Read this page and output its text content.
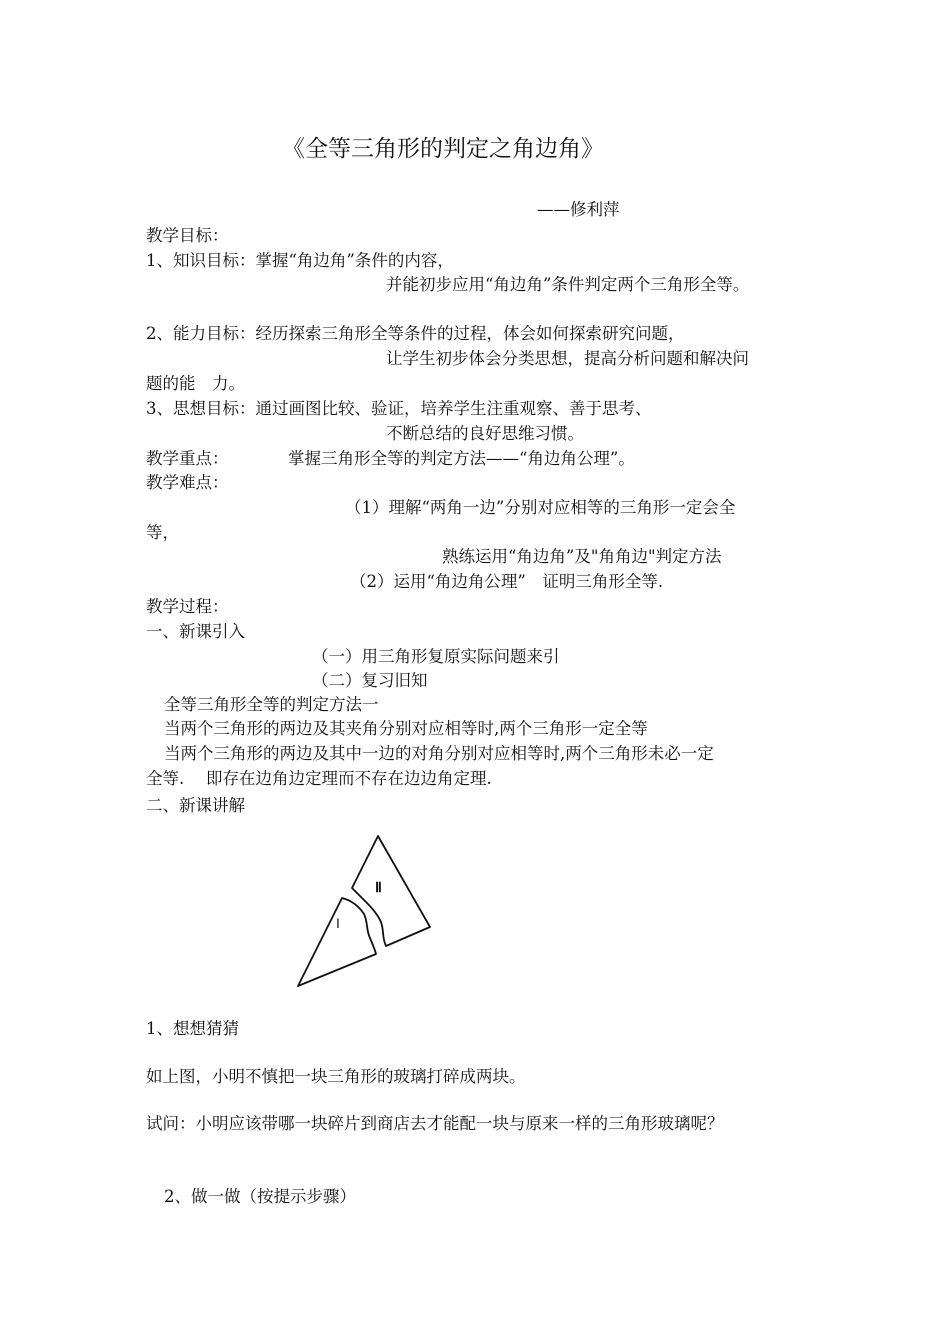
《全等三角形的判定之角边角》

——修利萍

教学目标：

1、知识目标：掌握“角边角”条件的内容，

并能初步应用“角边角”条件判定两个三角形全等。

2、能力目标：经历探索三角形全等条件的过程，体会如何探索研究问题，

让学生初步体会分类思想，提高分析问题和解决问

题的能　力。

3、思想目标：通过画图比较、验证，培养学生注重观察、善于思考、

不断总结的良好思维习惯。

教学重点：	掌握三角形全等的判定方法——“角边角公理”。

教学难点：

（1）理解“两角一边”分别对应相等的三角形一定会全

等，

熟练运用“角边角”及"角角边"判定方法

（2）运用“角边角公理”　证明三角形全等.

教学过程：

一、新课引入

（一）用三角形复原实际问题来引

（二）复习旧知

全等三角形全等的判定方法一

当两个三角形的两边及其夹角分别对应相等时,两个三角形一定全等

当两个三角形的两边及其中一边的对角分别对应相等时,两个三角形未必一定

全等.　 即存在边角边定理而不存在边边角定理.

二、新课讲解

Ⅰ
Ⅱ

1、想想猜猜

如上图，小明不慎把一块三角形的玻璃打碎成两块。

试问：小明应该带哪一块碎片到商店去才能配一块与原来一样的三角形玻璃呢？

2、做一做（按提示步骤）
